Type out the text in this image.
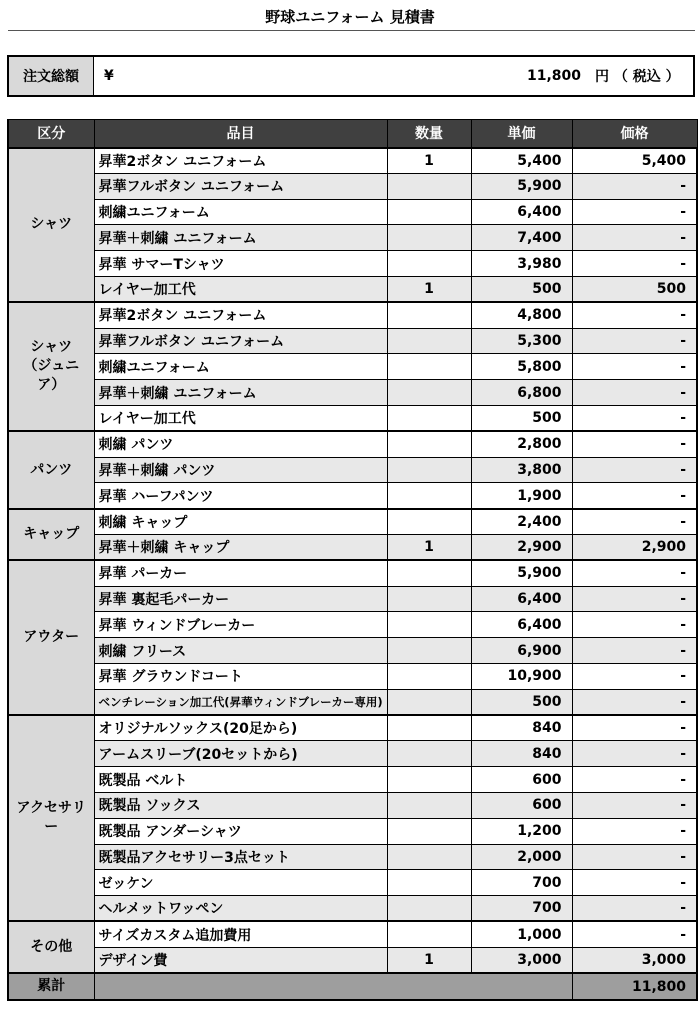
野球ユニフォーム 見積書
注文総額	¥	11,800	円 （ 税込 ）
区分	品目	数量	単価	価格
シャツ	昇華2ボタン ユニフォーム	1	5,400	5,400
	昇華フルボタン ユニフォーム		5,900	-
	刺繍ユニフォーム		6,400	-
	昇華＋刺繍 ユニフォーム		7,400	-
	昇華 サマーTシャツ		3,980	-
	レイヤー加工代	1	500	500
シャツ
（ジュニア）	昇華2ボタン ユニフォーム		4,800	-
	昇華フルボタン ユニフォーム		5,300	-
	刺繍ユニフォーム		5,800	-
	昇華＋刺繍 ユニフォーム		6,800	-
	レイヤー加工代		500	-
パンツ	刺繍 パンツ		2,800	-
	昇華＋刺繍 パンツ		3,800	-
	昇華 ハーフパンツ		1,900	-
キャップ	刺繍 キャップ		2,400	-
	昇華＋刺繍 キャップ	1	2,900	2,900
アウター	昇華 パーカー		5,900	-
	昇華 裏起毛パーカー		6,400	-
	昇華 ウィンドブレーカー		6,400	-
	刺繍 フリース		6,900	-
	昇華 グラウンドコート		10,900	-
	ベンチレーション加工代(昇華ウィンドブレーカー専用)		500	-
アクセサリー	オリジナルソックス(20足から)		840	-
	アームスリーブ(20セットから)		840	-
	既製品 ベルト		600	-
	既製品 ソックス		600	-
	既製品 アンダーシャツ		1,200	-
	既製品アクセサリー3点セット		2,000	-
	ゼッケン		700	-
	ヘルメットワッペン		700	-
その他	サイズカスタム追加費用		1,000	-
	デザイン費	1	3,000	3,000
累計				11,800
